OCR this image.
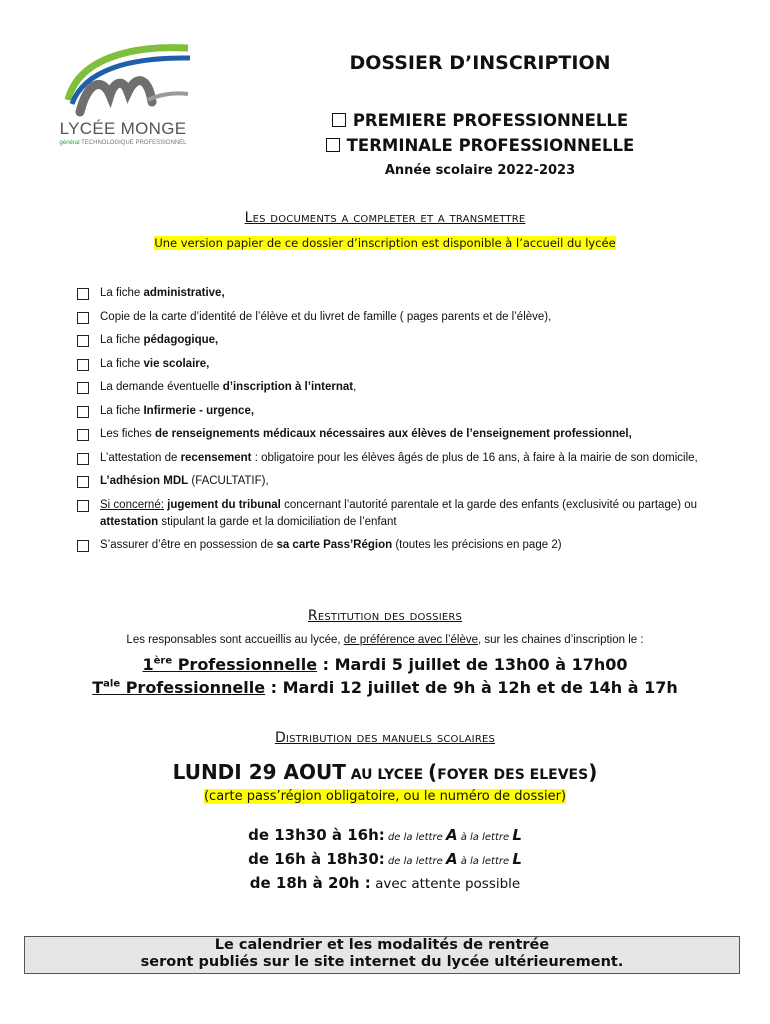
LYCÉE MONGE
général TECHNOLOGIQUE PROFESSIONNEL
DOSSIER D’INSCRIPTION
PREMIERE PROFESSIONNELLE
TERMINALE PROFESSIONNELLE
Année scolaire 2022-2023
Les documents a completer et a transmettre
Une version papier de ce dossier d’inscription est disponible à l’accueil du lycée
La fiche administrative,
Copie de la carte d’identité de l’élève et du livret de famille ( pages parents et de l’élève),
La fiche pédagogique,
La fiche vie scolaire,
La demande éventuelle d’inscription à l’internat,
La fiche Infirmerie - urgence,
Les fiches de renseignements médicaux nécessaires aux élèves de l’enseignement professionnel,
L’attestation de recensement : obligatoire pour les élèves âgés de plus de 16 ans, à faire à la mairie de son domicile,
L’adhésion MDL (FACULTATIF),
Si concerné: jugement du tribunal concernant l’autorité parentale et la garde des enfants (exclusivité ou partage) ou attestation stipulant la garde et la domiciliation de l’enfant
S’assurer d’être en possession de sa carte Pass’Région (toutes les précisions en page 2)
Restitution des dossiers
Les responsables sont accueillis au lycée, de préférence avec l’élève, sur les chaines d’inscription le :
1ère Professionnelle : Mardi 5 juillet de 13h00 à 17h00
$T^{ale}$ Professionnelle : Mardi 12 juillet de 9h à 12h et de 14h à 17h
Distribution des manuels scolaires
LUNDI 29 AOUT AU LYCEE (FOYER DES ELEVES)
(carte pass’région obligatoire, ou le numéro de dossier)
de 13h30 à 16h: de la lettre A à la lettre L
de 16h à 18h30: de la lettre A à la lettre L
de 18h à 20h : avec attente possible
Le calendrier et les modalités de rentrée
seront publiés sur le site internet du lycée ultérieurement.
